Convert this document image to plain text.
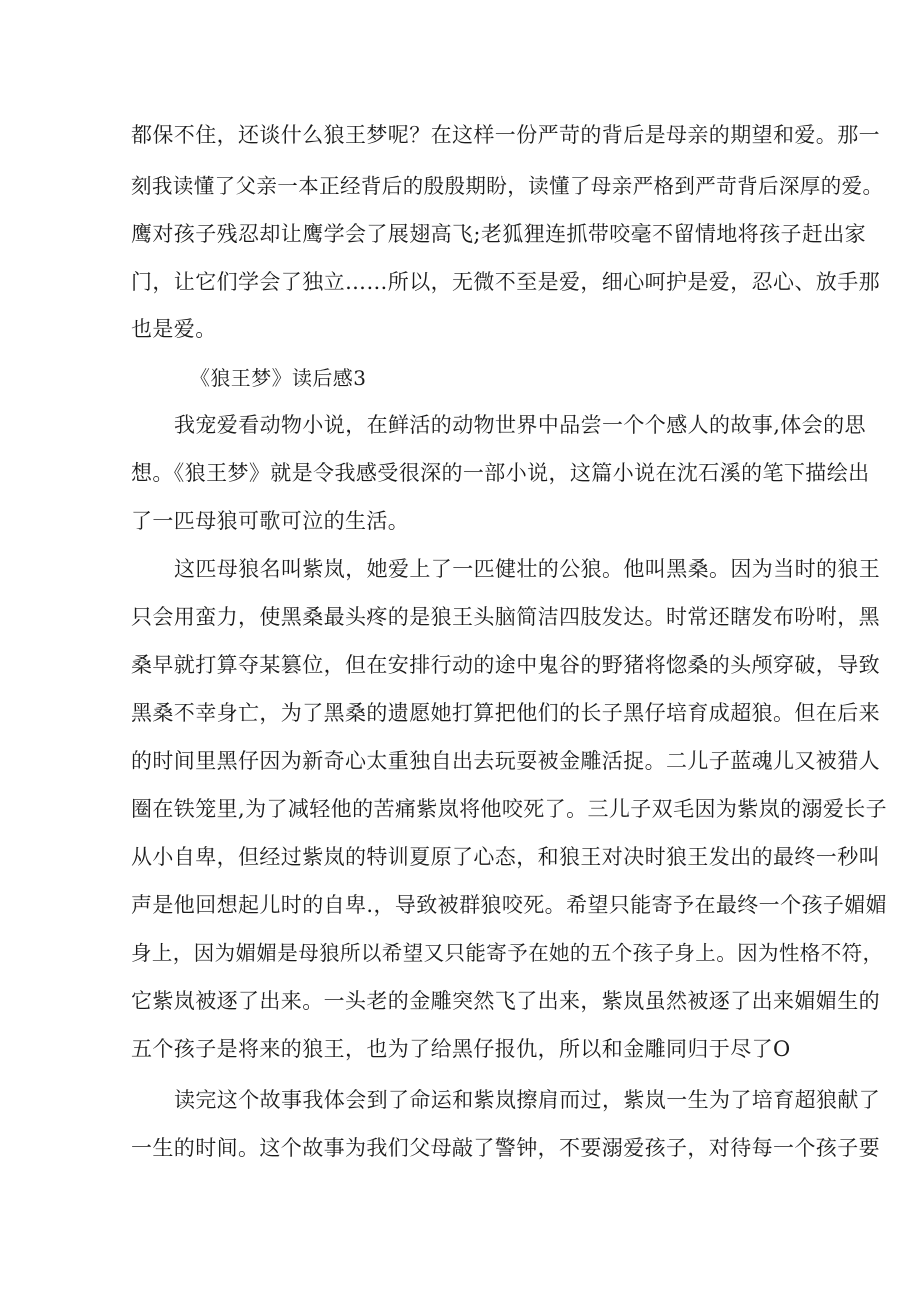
都保不住，还谈什么狼王梦呢？在这样一份严苛的背后是母亲的期望和爱。那一
刻我读懂了父亲一本正经背后的殷殷期盼，读懂了母亲严格到严苛背后深厚的爱。
鹰对孩子残忍却让鹰学会了展翅高飞;老狐狸连抓带咬毫不留情地将孩子赶出家
门，让它们学会了独立……所以，无微不至是爱，细心呵护是爱，忍心、放手那
也是爱。
《狼王梦》读后感3
我宠爱看动物小说，在鲜活的动物世界中品尝一个个感人的故事,体会的思
想。《狼王梦》就是令我感受很深的一部小说，这篇小说在沈石溪的笔下描绘出
了一匹母狼可歌可泣的生活。
这匹母狼名叫紫岚，她爱上了一匹健壮的公狼。他叫黑桑。因为当时的狼王
只会用蛮力，使黑桑最头疼的是狼王头脑简洁四肢发达。时常还瞎发布吩咐，黑
桑早就打算夺某篡位，但在安排行动的途中鬼谷的野猪将惚桑的头颅穿破，导致
黑桑不幸身亡，为了黑桑的遗愿她打算把他们的长子黑仔培育成超狼。但在后来
的时间里黑仔因为新奇心太重独自出去玩耍被金雕活捉。二儿子蓝魂儿又被猎人
圈在铁笼里,为了减轻他的苦痛紫岚将他咬死了。三儿子双毛因为紫岚的溺爱长子
从小自卑，但经过紫岚的特训夏原了心态，和狼王对决时狼王发出的最终一秒叫
声是他回想起儿时的自卑.，导致被群狼咬死。希望只能寄予在最终一个孩子媚媚
身上，因为媚媚是母狼所以希望又只能寄予在她的五个孩子身上。因为性格不符，
它紫岚被逐了出来。一头老的金雕突然飞了出来，紫岚虽然被逐了出来媚媚生的
五个孩子是将来的狼王，也为了给黑仔报仇，所以和金雕同归于尽了O
读完这个故事我体会到了命运和紫岚擦肩而过，紫岚一生为了培育超狼献了
一生的时间。这个故事为我们父母敲了警钟，不要溺爱孩子，对待每一个孩子要
